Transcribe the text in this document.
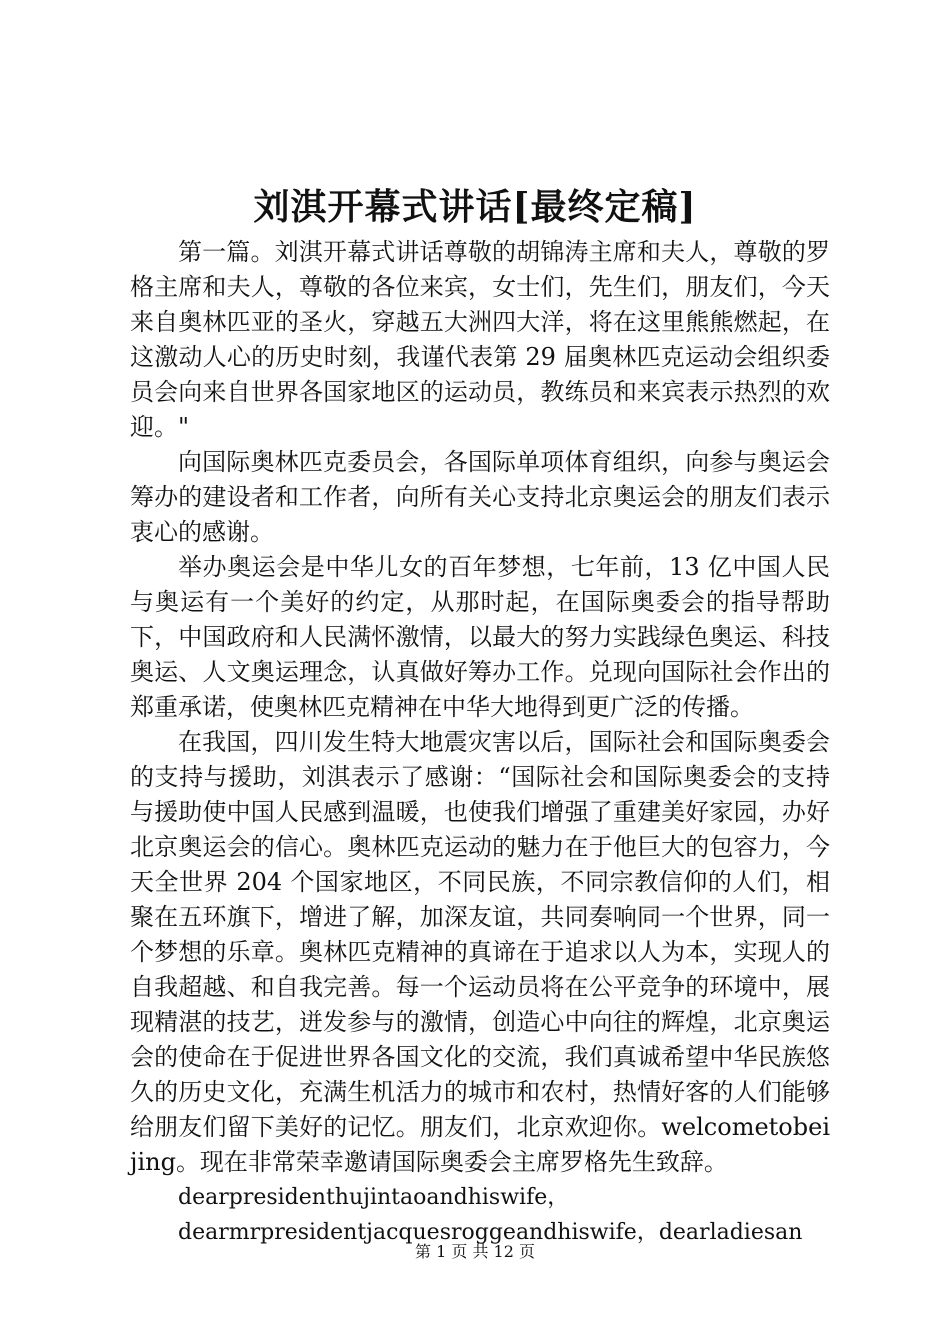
刘淇开幕式讲话[最终定稿]

第一篇。刘淇开幕式讲话尊敬的胡锦涛主席和夫人，尊敬的罗格主席和夫人，尊敬的各位来宾，女士们，先生们，朋友们，今天来自奥林匹亚的圣火，穿越五大洲四大洋，将在这里熊熊燃起，在这激动人心的历史时刻，我谨代表第 29 届奥林匹克运动会组织委员会向来自世界各国家地区的运动员，教练员和来宾表示热烈的欢迎。"

向国际奥林匹克委员会，各国际单项体育组织，向参与奥运会筹办的建设者和工作者，向所有关心支持北京奥运会的朋友们表示衷心的感谢。

举办奥运会是中华儿女的百年梦想，七年前，13 亿中国人民与奥运有一个美好的约定，从那时起，在国际奥委会的指导帮助下，中国政府和人民满怀激情，以最大的努力实践绿色奥运、科技奥运、人文奥运理念，认真做好筹办工作。兑现向国际社会作出的郑重承诺，使奥林匹克精神在中华大地得到更广泛的传播。

在我国，四川发生特大地震灾害以后，国际社会和国际奥委会的支持与援助，刘淇表示了感谢：“国际社会和国际奥委会的支持与援助使中国人民感到温暖，也使我们增强了重建美好家园，办好北京奥运会的信心。奥林匹克运动的魅力在于他巨大的包容力，今天全世界 204 个国家地区，不同民族，不同宗教信仰的人们，相聚在五环旗下，增进了解，加深友谊，共同奏响同一个世界，同一个梦想的乐章。奥林匹克精神的真谛在于追求以人为本，实现人的自我超越、和自我完善。每一个运动员将在公平竞争的环境中，展现精湛的技艺，迸发参与的激情，创造心中向往的辉煌，北京奥运会的使命在于促进世界各国文化的交流，我们真诚希望中华民族悠久的历史文化，充满生机活力的城市和农村，热情好客的人们能够给朋友们留下美好的记忆。朋友们，北京欢迎你。welcometobeijing。现在非常荣幸邀请国际奥委会主席罗格先生致辞。

dearpresidenthujintaoandhiswife，

dearmrpresidentjacquesroggeandhiswife，dearladiesan

第 1 页 共 12 页
